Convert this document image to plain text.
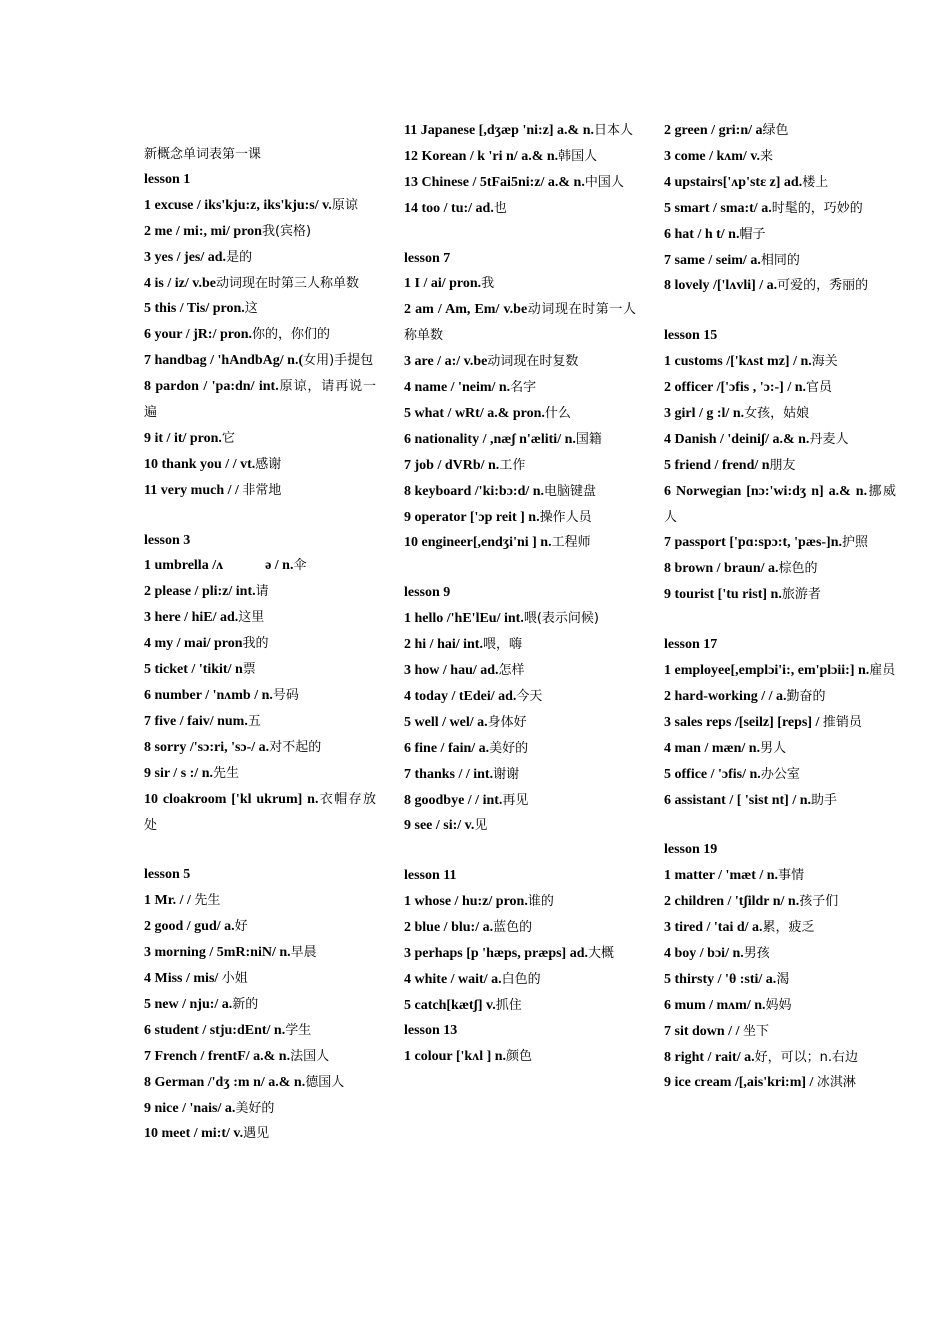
新概念单词表第一课
lesson 1
1 excuse / iks'kju:z, iks'kju:s/ v.原谅
2 me / mi:, mi/ pron我(宾格)
3 yes / jes/ ad.是的
4 is / iz/ v.be动词现在时第三人称单数
5 this / Tis/ pron.这
6 your / jR:/ pron.你的，你们的
7 handbag / 'hAndbAg/ n.(女用)手提包
8 pardon / 'pa:dn/ int.原谅，请再说一遍
9 it / it/ pron.它
10 thank you / / vt.感谢
11 very much / / 非常地
lesson 3
1 umbrella /ʌ　　　ə / n.伞
2 please / pli:z/ int.请
3 here / hiE/ ad.这里
4 my / mai/ pron我的
5 ticket / 'tikit/ n票
6 number / 'nʌmb / n.号码
7 five / faiv/ num.五
8 sorry /'sɔ:ri, 'sɔ-/ a.对不起的
9 sir / s :/ n.先生
10 cloakroom ['kl ukrum] n.衣帽存放处
lesson 5
1 Mr. / / 先生
2 good / gud/ a.好
3 morning / 5mR:niN/ n.早晨
4 Miss / mis/ 小姐
5 new / nju:/ a.新的
6 student / stju:dEnt/ n.学生
7 French / frentF/ a.& n.法国人
8 German /'dʒ :m n/ a.& n.德国人
9 nice / 'nais/ a.美好的
10 meet / mi:t/ v.遇见
11 Japanese [,dʒæp 'ni:z] a.& n.日本人
12 Korean / k 'ri n/ a.& n.韩国人
13 Chinese / 5tFai5ni:z/ a.& n.中国人
14 too / tu:/ ad.也
lesson 7
1 I / ai/ pron.我
2 am / Am, Em/ v.be动词现在时第一人称单数
3 are / a:/ v.be动词现在时复数
4 name / 'neim/ n.名字
5 what / wRt/ a.& pron.什么
6 nationality / ,næʃ n'æliti/ n.国籍
7 job / dVRb/ n.工作
8 keyboard /'ki:bɔ:d/ n.电脑键盘
9 operator ['ɔp reit ] n.操作人员
10 engineer[,endʒi'ni ] n.工程师
lesson 9
1 hello /'hE'lEu/ int.喂(表示问候)
2 hi / hai/ int.喂，嗨
3 how / hau/ ad.怎样
4 today / tEdei/ ad.今天
5 well / wel/ a.身体好
6 fine / fain/ a.美好的
7 thanks / / int.谢谢
8 goodbye / / int.再见
9 see / si:/ v.见
lesson 11
1 whose / hu:z/ pron.谁的
2 blue / blu:/ a.蓝色的
3 perhaps [p 'hæps, præps] ad.大概
4 white / wait/ a.白色的
5 catch[kætʃ] v.抓住
lesson 13
1 colour ['kʌl ] n.颜色
2 green / gri:n/ a绿色
3 come / kʌm/ v.来
4 upstairs['ʌp'stɛ z] ad.楼上
5 smart / sma:t/ a.时髦的，巧妙的
6 hat / h t/ n.帽子
7 same / seim/ a.相同的
8 lovely /['lʌvli] / a.可爱的，秀丽的
lesson 15
1 customs /['kʌst mz] / n.海关
2 officer /['ɔfis , 'ɔ:-] / n.官员
3 girl / g :l/ n.女孩，姑娘
4 Danish / 'deiniʃ/ a.& n.丹麦人
5 friend / frend/ n朋友
6 Norwegian [nɔ:'wi:dʒ n] a.& n.挪威人
7 passport ['pɑ:spɔ:t, 'pæs-]n.护照
8 brown / braun/ a.棕色的
9 tourist ['tu rist] n.旅游者
lesson 17
1 employee[,emplɔi'i:, em'plɔii:] n.雇员
2 hard-working / / a.勤奋的
3 sales reps /[seilz] [reps] / 推销员
4 man / mæn/ n.男人
5 office / 'ɔfis/ n.办公室
6 assistant / [ 'sist nt] / n.助手
lesson 19
1 matter / 'mæt / n.事情
2 children / 'tʃildr n/ n.孩子们
3 tired / 'tai d/ a.累，疲乏
4 boy / bɔi/ n.男孩
5 thirsty / 'θ :sti/ a.渴
6 mum / mʌm/ n.妈妈
7 sit down / / 坐下
8 right / rait/ a.好，可以；n.右边
9 ice cream /[,ais'kri:m] / 冰淇淋
